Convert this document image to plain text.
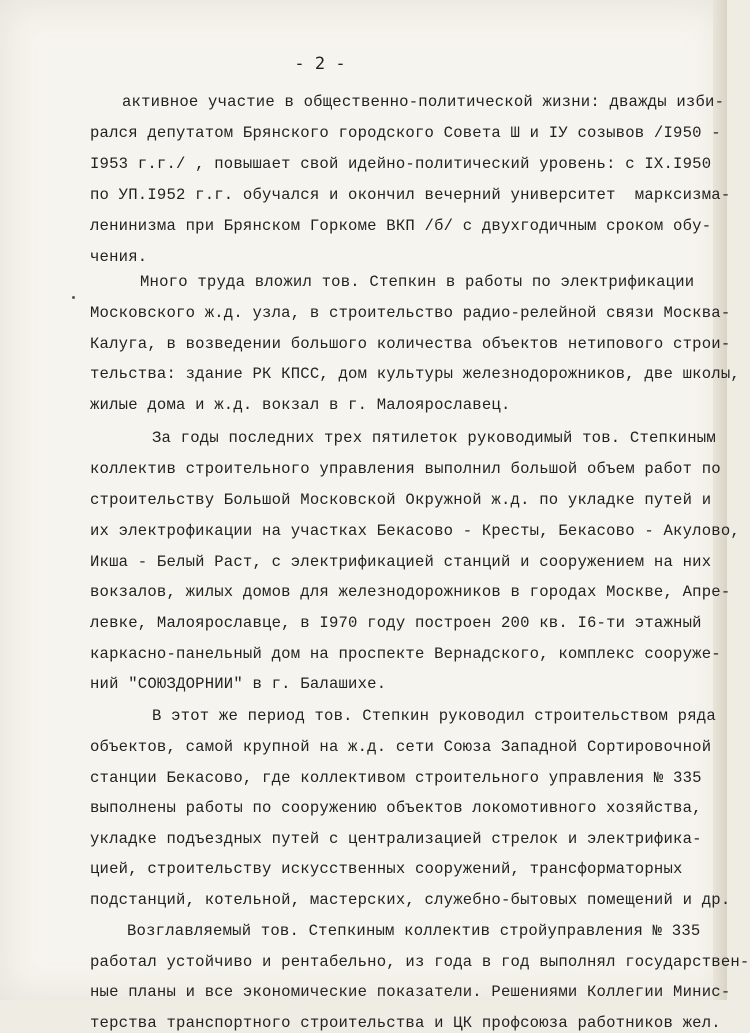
- 2 -
активное участие в общественно-политической жизни: дважды изби-
рался депутатом Брянского городского Совета Ш и IУ созывов /I950 -
I953 г.г./ , повышает свой идейно-политический уровень: с IX.I950
по УП.I952 г.г. обучался и окончил вечерний университет  марксизма-
ленинизма при Брянском Горкоме ВКП /б/ с двухгодичным сроком обу-
чения.
Много труда вложил тов. Степкин в работы по электрификации
Московского ж.д. узла, в строительство радио-релейной связи Москва-
Калуга, в возведении большого количества объектов нетипового строи-
тельства: здание РК КПСС, дом культуры железнодорожников, две школы,
жилые дома и ж.д. вокзал в г. Малоярославец.
За годы последних трех пятилеток руководимый тов. Степкиным
коллектив строительного управления выполнил большой объем работ по
строительству Большой Московской Окружной ж.д. по укладке путей и
их электрофикации на участках Бекасово - Кресты, Бекасово - Акулово,
Икша - Белый Раст, с электрификацией станций и сооружением на них
вокзалов, жилых домов для железнодорожников в городах Москве, Апре-
левке, Малоярославце, в I970 году построен 200 кв. I6-ти этажный
каркасно-панельный дом на проспекте Вернадского, комплекс сооруже-
ний "СОЮЗДОРНИИ" в г. Балашихе.
В этот же период тов. Степкин руководил строительством ряда
объектов, самой крупной на ж.д. сети Союза Западной Сортировочной
станции Бекасово, где коллективом строительного управления № 335
выполнены работы по сооружению объектов локомотивного хозяйства,
укладке подъездных путей с централизацией стрелок и электрифика-
цией, строительству искусственных сооружений, трансформаторных
подстанций, котельной, мастерских, служебно-бытовых помещений и др.
Возглавляемый тов. Степкиным коллектив стройуправления № 335
работал устойчиво и рентабельно, из года в год выполнял государствен-
ные планы и все экономические показатели. Решениями Коллегии Минис-
терства транспортного строительства и ЦК профсоюза работников жел.
